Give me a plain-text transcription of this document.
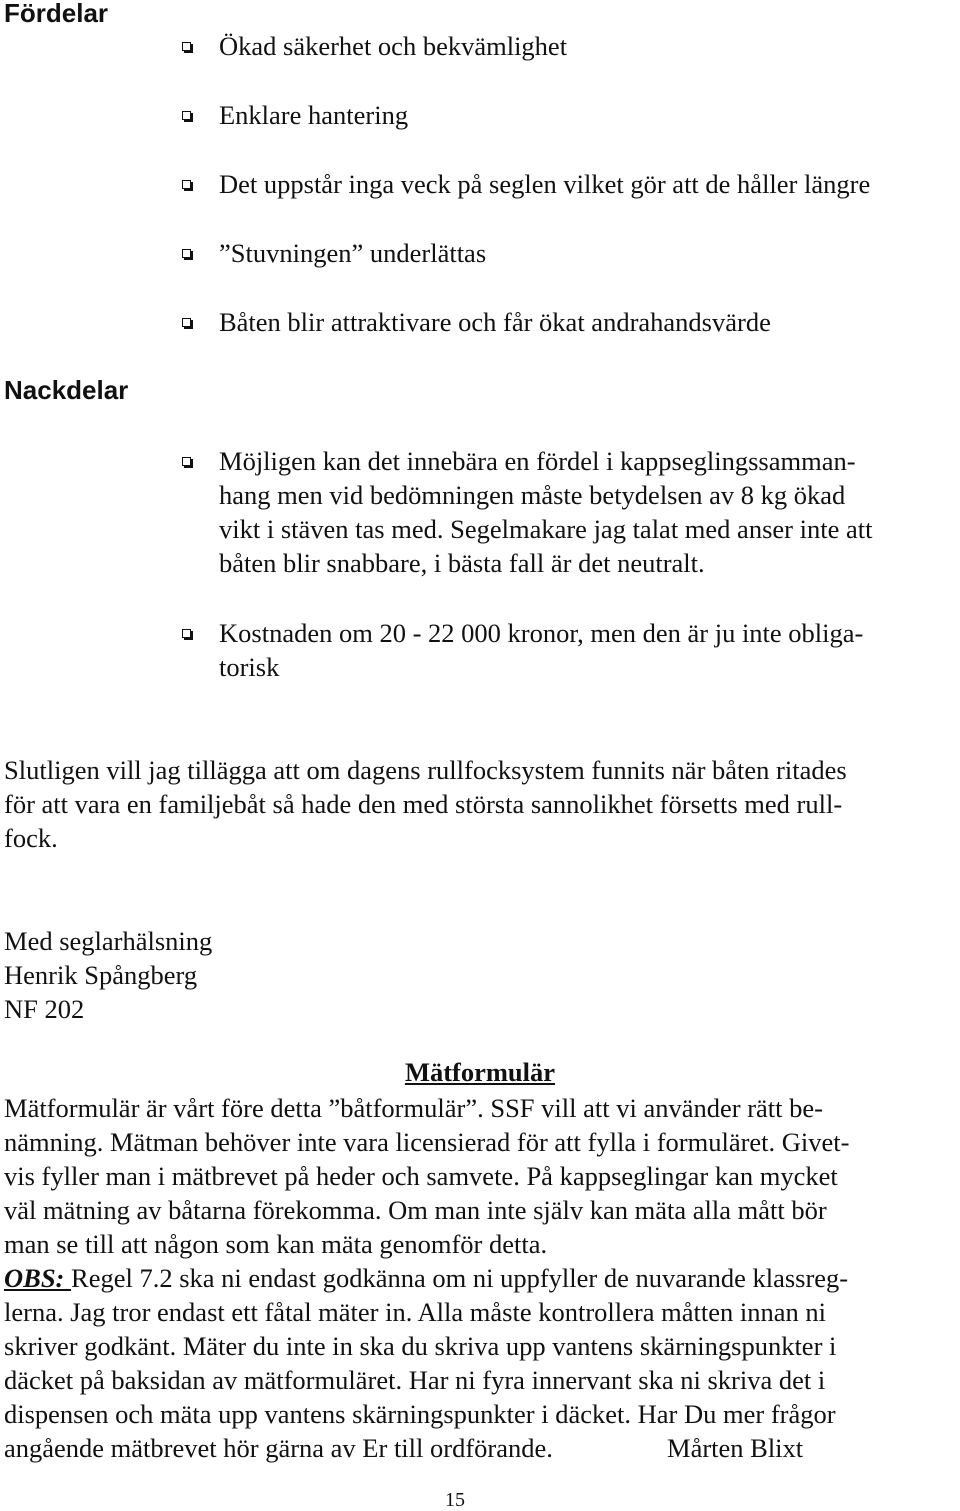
Fördelar
Ökad säkerhet och bekvämlighet
Enklare hantering
Det uppstår inga veck på seglen vilket gör att de håller längre
”Stuvningen” underlättas
Båten blir attraktivare och får ökat andrahandsvärde
Nackdelar
Möjligen kan det innebära en fördel i kappseglingssamman-
hang men vid bedömningen måste betydelsen av 8 kg ökad
vikt i stäven tas med. Segelmakare jag talat med anser inte att
båten blir snabbare, i bästa fall är det neutralt.
Kostnaden om 20 - 22 000 kronor, men den är ju inte obliga-
torisk
Slutligen vill jag tillägga att om dagens rullfocksystem funnits när båten ritades
för att vara en familjebåt så hade den med största sannolikhet försetts med rull-
fock.
Med seglarhälsning
Henrik Spångberg
NF 202
Mätformulär
Mätformulär är vårt före detta ”båtformulär”. SSF vill att vi använder rätt be-
nämning. Mätman behöver inte vara licensierad för att fylla i formuläret. Givet-
vis fyller man i mätbrevet på heder och samvete. På kappseglingar kan mycket
väl mätning av båtarna förekomma. Om man inte själv kan mäta alla mått bör
man se till att någon som kan mäta genomför detta.
OBS: Regel 7.2 ska ni endast godkänna om ni uppfyller de nuvarande klassreg-
lerna. Jag tror endast ett fåtal mäter in. Alla måste kontrollera måtten innan ni
skriver godkänt. Mäter du inte in ska du skriva upp vantens skärningspunkter i
däcket på baksidan av mätformuläret. Har ni fyra innervant ska ni skriva det i
dispensen och mäta upp vantens skärningspunkter i däcket. Har Du mer frågor
angående mätbrevet hör gärna av Er till ordförande.	Mårten Blixt
15
